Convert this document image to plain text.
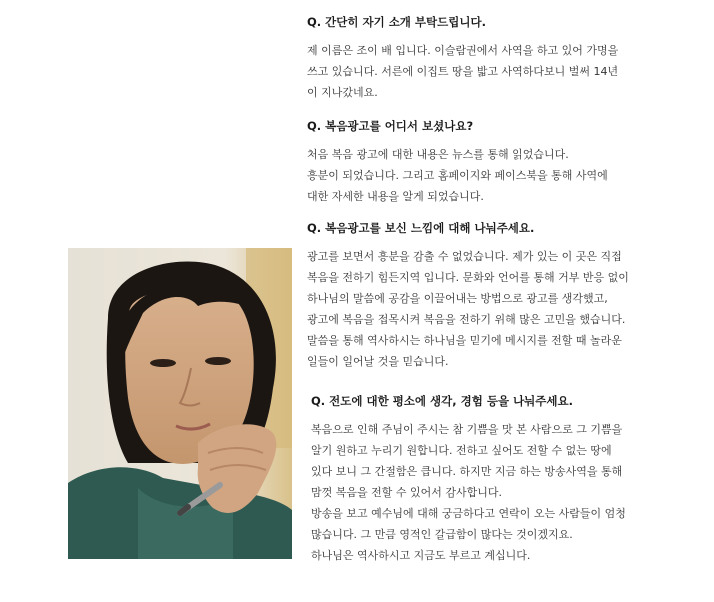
Q. 간단히 자기 소개 부탁드립니다.

제 이름은 조이 배 입니다. 이슬람권에서 사역을 하고 있어 가명을
쓰고 있습니다. 서른에 이집트 땅을 밟고 사역하다보니 벌써 14년
이 지나갔네요.

Q. 복음광고를 어디서 보셨나요?

처음 복음 광고에 대한 내용은 뉴스를 통해 읽었습니다.
흥분이 되었습니다. 그리고 홈페이지와 페이스북을 통해 사역에
대한 자세한 내용을 알게 되었습니다.

Q. 복음광고를 보신 느낌에 대해 나눠주세요.

광고를 보면서 흥분을 감출 수 없었습니다. 제가 있는 이 곳은 직접
복음을 전하기 힘든지역 입니다. 문화와 언어를 통해 거부 반응 없이
하나님의 말씀에 공감을 이끌어내는 방법으로 광고를 생각했고,
광고에 복음을 접목시켜 복음을 전하기 위해 많은 고민을 했습니다.
말씀을 통해 역사하시는 하나님을 믿기에 메시지를 전할 때 놀라운
일들이 일어날 것을 믿습니다.

Q. 전도에 대한 평소에 생각, 경험 등을 나눠주세요.

복음으로 인해 주님이 주시는 참 기쁨을 맛 본 사람으로 그 기쁨을
알기 원하고 누리기 원합니다. 전하고 싶어도 전할 수 없는 땅에
있다 보니 그 간절함은 큽니다. 하지만 지금 하는 방송사역을 통해
맘껏 복음을 전할 수 있어서 감사합니다.
방송을 보고 예수님에 대해 궁금하다고 연락이 오는 사람들이 엄청
많습니다. 그 만큼 영적인 갈급함이 많다는 것이겠지요.
하나님은 역사하시고 지금도 부르고 계십니다.
